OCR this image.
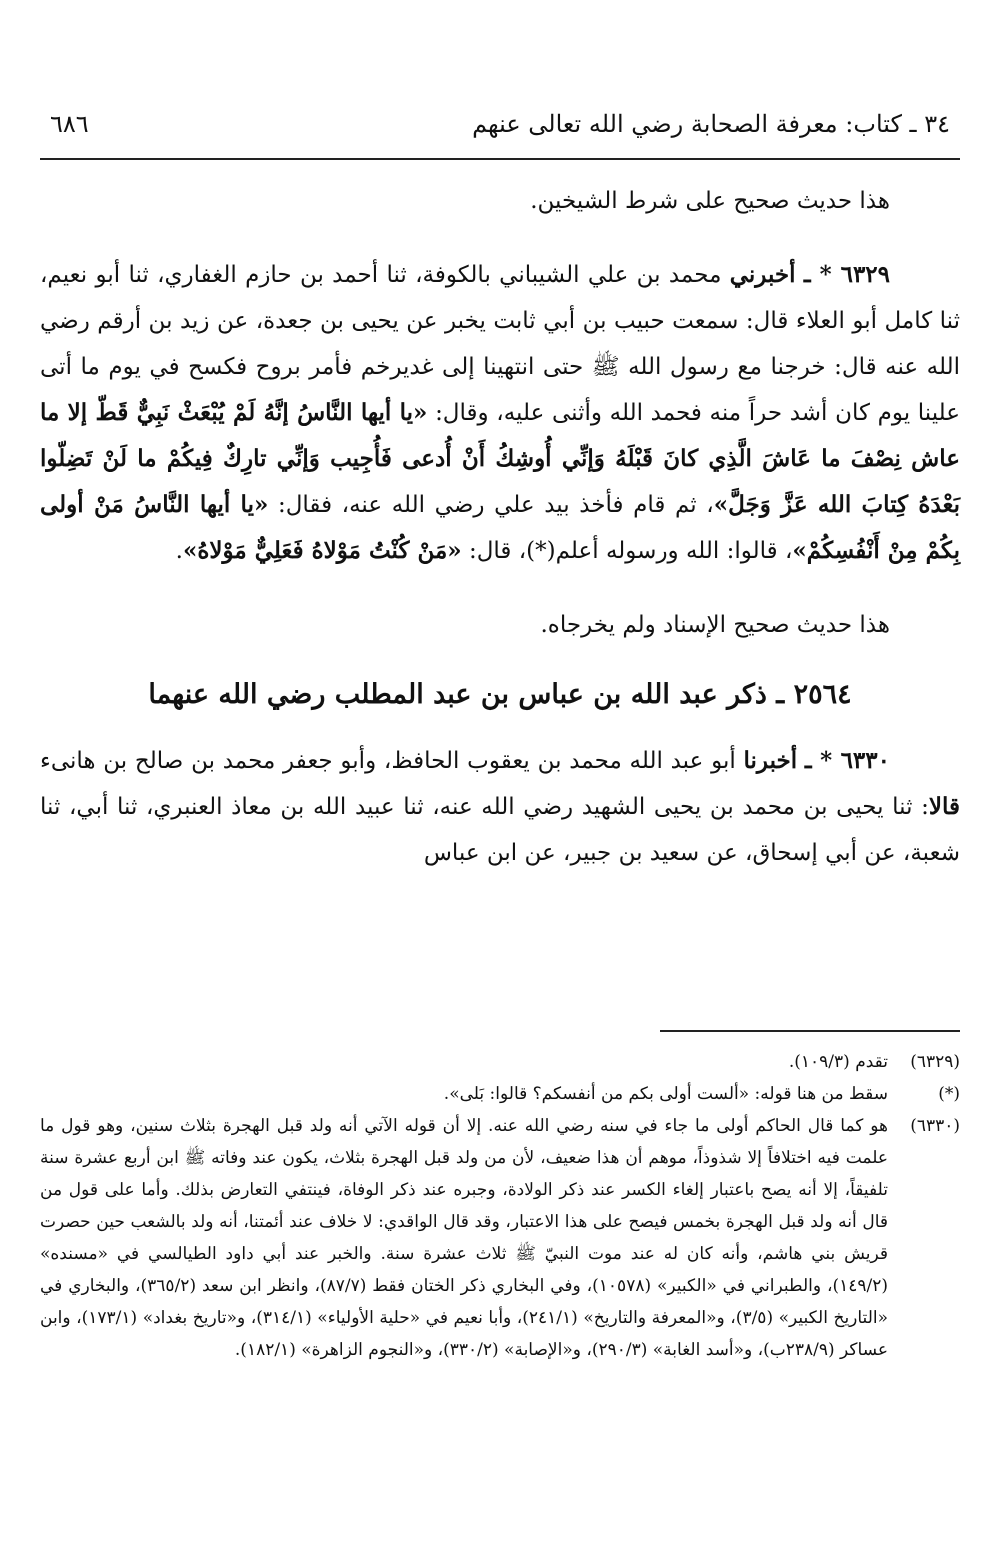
٣٤ ـ كتاب: معرفة الصحابة رضي الله تعالى عنهم
٦٨٦

هذا حديث صحيح على شرط الشيخين.

٦٣٢٩ * ـ أخبرني محمد بن علي الشيباني بالكوفة، ثنا أحمد بن حازم الغفاري، ثنا أبو نعيم، ثنا كامل أبو العلاء قال: سمعت حبيب بن أبي ثابت يخبر عن يحيى بن جعدة، عن زيد بن أرقم رضي الله عنه قال: خرجنا مع رسول الله ﷺ حتى انتهينا إلى غديرخم فأمر بروح فكسح في يوم ما أتى علينا يوم كان أشد حراً منه فحمد الله وأثنى عليه، وقال: «يا أيها النَّاسُ إنَّهُ لَمْ يُبْعَثْ نَبِيٌّ قَطّ إلا ما عاش نِصْفَ ما عَاشَ الَّذِي كانَ قَبْلَهُ وَإنِّي أُوشِكُ أَنْ أُدعى فَأُجِيب وَإنِّي تارِكٌ فِيكُمْ ما لَنْ تَضِلّوا بَعْدَهُ كِتابَ الله عَزَّ وَجَلَّ»، ثم قام فأخذ بيد علي رضي الله عنه، فقال: «يا أيها النَّاسُ مَنْ أولى بِكُمْ مِنْ أَنْفُسِكُمْ»، قالوا: الله ورسوله أعلم(*)، قال: «مَنْ كُنْتُ مَوْلاهُ فَعَلِيٌّ مَوْلاهُ».

هذا حديث صحيح الإسناد ولم يخرجاه.

٢٥٦٤ ـ ذكر عبد الله بن عباس بن عبد المطلب رضي الله عنهما

٦٣٣٠ * ـ أخبرنا أبو عبد الله محمد بن يعقوب الحافظ، وأبو جعفر محمد بن صالح بن هانىء قالا: ثنا يحيى بن محمد بن يحيى الشهيد رضي الله عنه، ثنا عبيد الله بن معاذ العنبري، ثنا أبي، ثنا شعبة، عن أبي إسحاق، عن سعيد بن جبير، عن ابن عباس

(٦٣٢٩)
تقدم (١٠٩/٣).

(*)
سقط من هنا قوله: «ألست أولى بكم من أنفسكم؟ قالوا: بَلى».

(٦٣٣٠)
هو كما قال الحاكم أولى ما جاء في سنه رضي الله عنه. إلا أن قوله الآتي أنه ولد قبل الهجرة بثلاث سنين، وهو قول ما علمت فيه اختلافاً إلا شذوذاً، موهم أن هذا ضعيف، لأن من ولد قبل الهجرة بثلاث، يكون عند وفاته ﷺ ابن أربع عشرة سنة تلفيقاً، إلا أنه يصح باعتبار إلغاء الكسر عند ذكر الولادة، وجبره عند ذكر الوفاة، فينتفي التعارض بذلك. وأما على قول من قال أنه ولد قبل الهجرة بخمس فيصح على هذا الاعتبار، وقد قال الواقدي: لا خلاف عند أئمتنا، أنه ولد بالشعب حين حصرت قريش بني هاشم، وأنه كان له عند موت النبيّ ﷺ ثلاث عشرة سنة. والخبر عند أبي داود الطيالسي في «مسنده» (١٤٩/٢)، والطبراني في «الكبير» (١٠٥٧٨)، وفي البخاري ذكر الختان فقط (٨٧/٧)، وانظر ابن سعد (٣٦٥/٢)، والبخاري في «التاريخ الكبير» (٣/٥)، و«المعرفة والتاريخ» (٢٤١/١)، وأبا نعيم في «حلية الأولياء» (٣١٤/١)، و«تاريخ بغداد» (١٧٣/١)، وابن عساكر (٢٣٨/٩ب)، و«أسد الغابة» (٢٩٠/٣)، و«الإصابة» (٣٣٠/٢)، و«النجوم الزاهرة» (١٨٢/١).
